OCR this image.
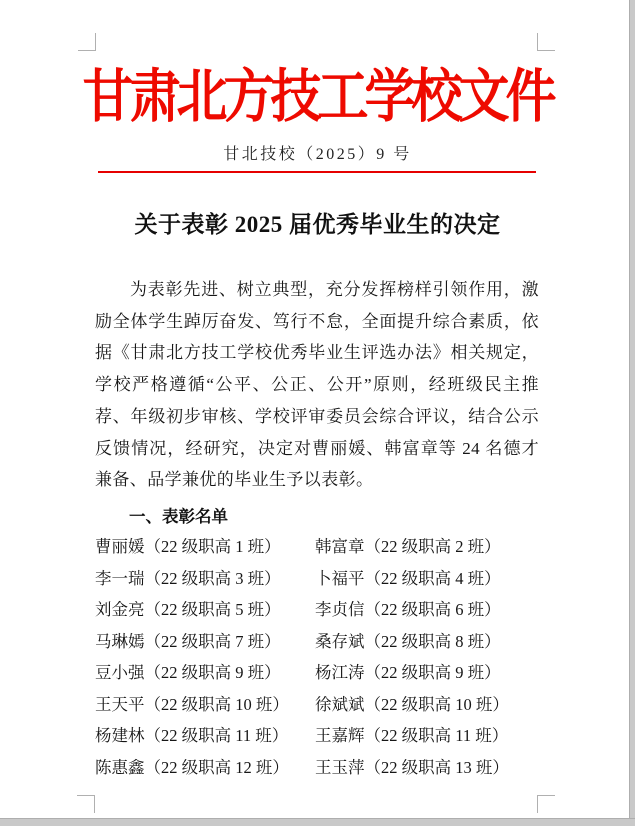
甘肃北方技工学校文件
甘北技校（2025）9 号
关于表彰 2025 届优秀毕业生的决定

为表彰先进、树立典型，充分发挥榜样引领作用，激励全体学生踔厉奋发、笃行不怠，全面提升综合素质，依据《甘肃北方技工学校优秀毕业生评选办法》相关规定，学校严格遵循“公平、公正、公开”原则，经班级民主推荐、年级初步审核、学校评审委员会综合评议，结合公示反馈情况，经研究，决定对曹丽媛、韩富章等 24 名德才兼备、品学兼优的毕业生予以表彰。

一、表彰名单
曹丽媛（22 级职高 1 班）	韩富章（22 级职高 2 班）
李一瑞（22 级职高 3 班）	卜福平（22 级职高 4 班）
刘金亮（22 级职高 5 班）	李贞信（22 级职高 6 班）
马琳嫣（22 级职高 7 班）	桑存斌（22 级职高 8 班）
豆小强（22 级职高 9 班）	杨江涛（22 级职高 9 班）
王天平（22 级职高 10 班）	徐斌斌（22 级职高 10 班）
杨建林（22 级职高 11 班）	王嘉辉（22 级职高 11 班）
陈惠鑫（22 级职高 12 班）	王玉萍（22 级职高 13 班）
